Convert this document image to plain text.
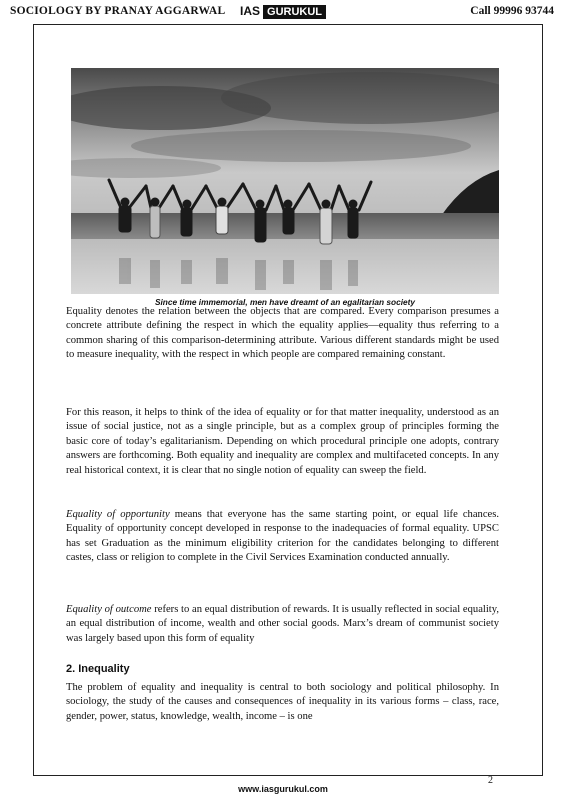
SOCIOLOGY BY PRANAY AGGARWAL IAS GURUKUL	Call 99996 93744
Since time immemorial, men have dreamt of an egalitarian society

Equality denotes the relation between the objects that are compared. Every comparison presumes a concrete attribute defining the respect in which the equality applies—equality thus referring to a common sharing of this comparison-determining attribute. Various different standards might be used to measure inequality, with the respect in which people are compared remaining constant.

For this reason, it helps to think of the idea of equality or for that matter inequality, understood as an issue of social justice, not as a single principle, but as a complex group of principles forming the basic core of today’s egalitarianism. Depending on which procedural principle one adopts, contrary answers are forthcoming. Both equality and inequality are complex and multifaceted concepts. In any real historical context, it is clear that no single notion of equality can sweep the field.

Equality of opportunity means that everyone has the same starting point, or equal life chances. Equality of opportunity concept developed in response to the inadequacies of formal equality. UPSC has set Graduation as the minimum eligibility criterion for the candidates belonging to different castes, class or religion to complete in the Civil Services Examination conducted annually.

Equality of outcome refers to an equal distribution of rewards. It is usually reflected in social equality, an equal distribution of income, wealth and other social goods. Marx’s dream of communist society was largely based upon this form of equality

2. Inequality

The problem of equality and inequality is central to both sociology and political philosophy. In sociology, the study of the causes and consequences of inequality in its various forms – class, race, gender, power, status, knowledge, wealth, income – is one

2
www.iasgurukul.com
